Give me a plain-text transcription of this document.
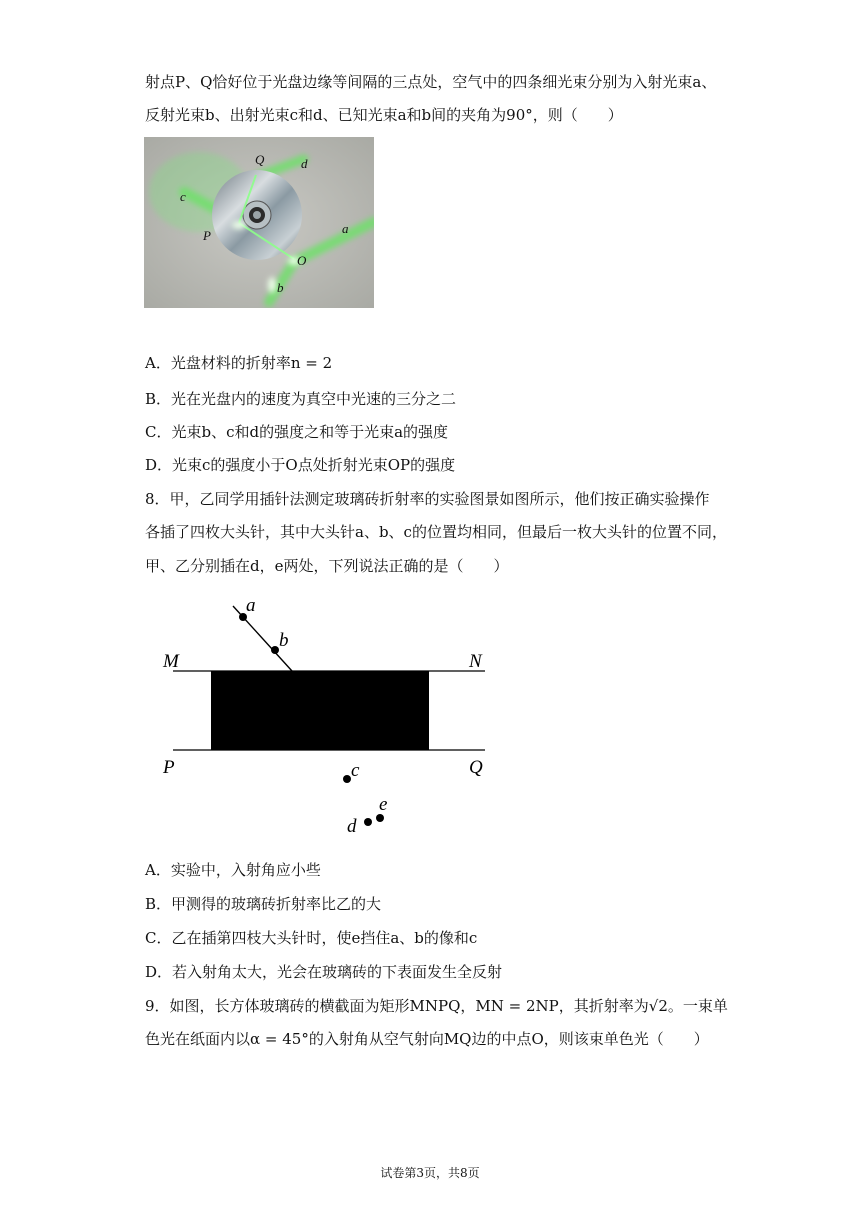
射点P、Q恰好位于光盘边缘等间隔的三点处，空气中的四条细光束分别为入射光束a、
反射光束b、出射光束c和d、已知光束a和b间的夹角为90°，则（　　）
Q	d
c
P	a
O
b
A．光盘材料的折射率n = 2
B．光在光盘内的速度为真空中光速的三分之二
C．光束b、c和d的强度之和等于光束a的强度
D．光束c的强度小于O点处折射光束OP的强度
8．甲，乙同学用插针法测定玻璃砖折射率的实验图景如图所示，他们按正确实验操作
各插了四枚大头针，其中大头针a、b、c的位置均相同，但最后一枚大头针的位置不同，
甲、乙分别插在d，e两处，下列说法正确的是（　　）
a
b
M	N
P	Q
c
d
e
A．实验中，入射角应小些
B．甲测得的玻璃砖折射率比乙的大
C．乙在插第四枝大头针时，使e挡住a、b的像和c
D．若入射角太大，光会在玻璃砖的下表面发生全反射
9．如图，长方体玻璃砖的横截面为矩形MNPQ，MN = 2NP，其折射率为√2。一束单
色光在纸面内以α = 45°的入射角从空气射向MQ边的中点O，则该束单色光（　　）
试卷第3页，共8页
